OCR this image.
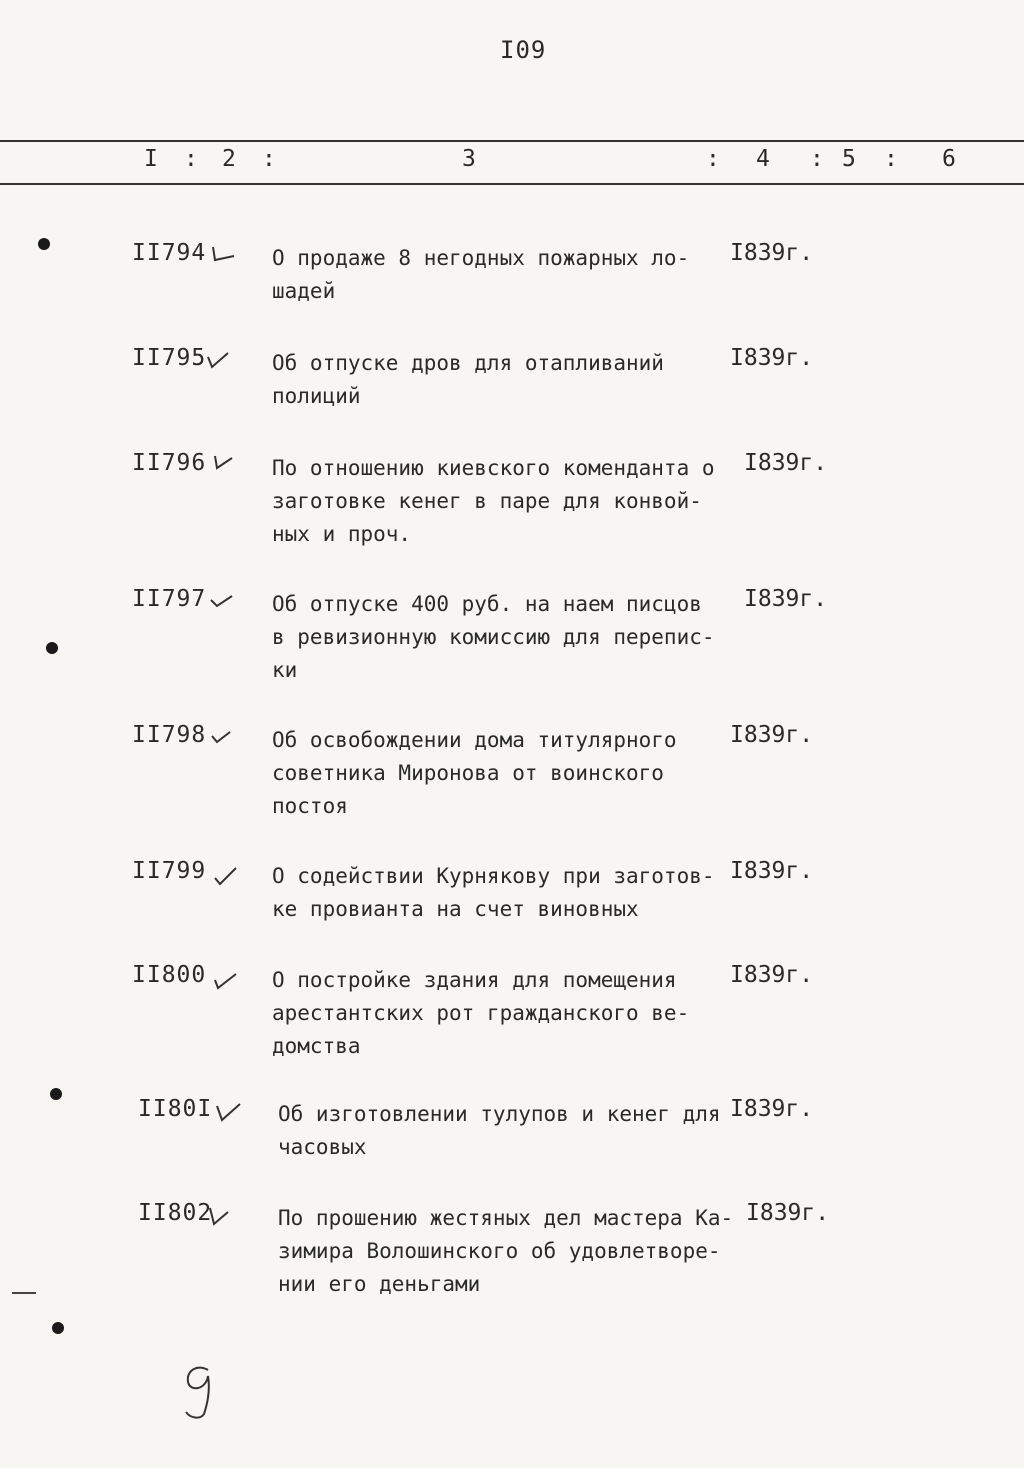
I09
I : 2 :	3	: 4 : 5 : 6
II794	О продаже 8 негодных пожарных ло-
шадей
I839г.
II795	Об отпуске дров для отапливаний
полиций
I839г.
II796	По отношению киевского коменданта о
заготовке кенег в паре для конвой-
ных и проч.
I839г.
II797	Об отпуске 400 руб. на наем писцов
в ревизионную комиссию для перепис-
ки
I839г.
II798	Об освобождении дома титулярного
советника Миронова от воинского
постоя
I839г.
II799	О содействии Курнякову при заготов-
ке провианта на счет виновных
I839г.
II800	О постройке здания для помещения
арестантских рот гражданского ве-
домства
I839г.
II80I	Об изготовлении тулупов и кенег для
часовых
I839г.
II802	По прошению жестяных дел мастера Ка-
зимира Волошинского об удовлетворе-
нии его деньгами
I839г.
